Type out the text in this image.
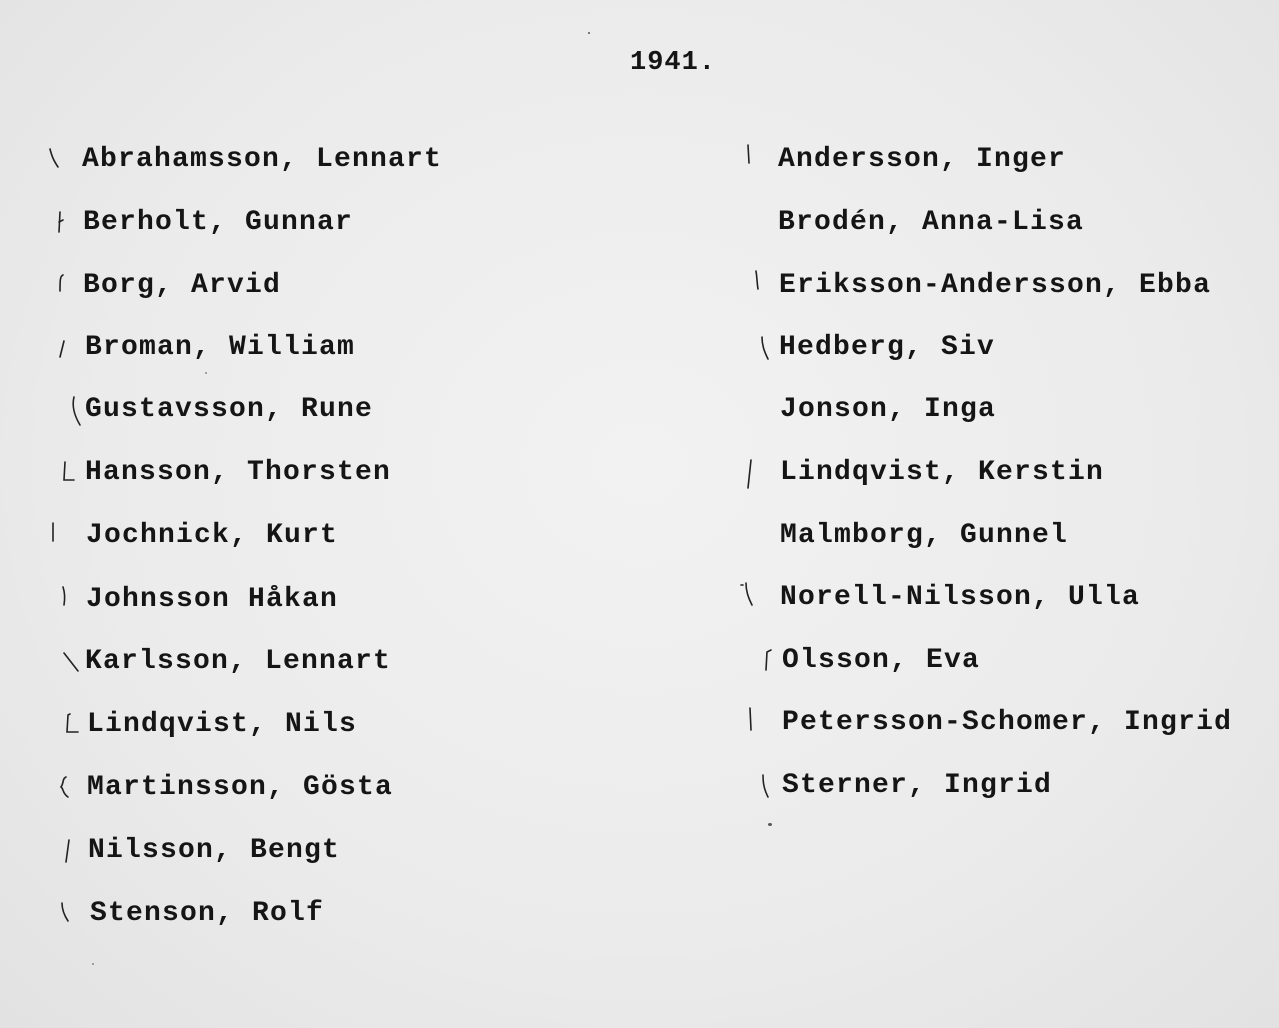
1941.
Abrahamsson, Lennart
Berholt, Gunnar
Borg, Arvid
Broman, William
Gustavsson, Rune
Hansson, Thorsten
Jochnick, Kurt
Johnsson Håkan
Karlsson, Lennart
Lindqvist, Nils
Martinsson, Gösta
Nilsson, Bengt
Stenson, Rolf
Andersson, Inger
Brodén, Anna-Lisa
Eriksson-Andersson, Ebba
Hedberg, Siv
Jonson, Inga
Lindqvist, Kerstin
Malmborg, Gunnel
Norell-Nilsson, Ulla
Olsson, Eva
Petersson-Schomer, Ingrid
Sterner, Ingrid
